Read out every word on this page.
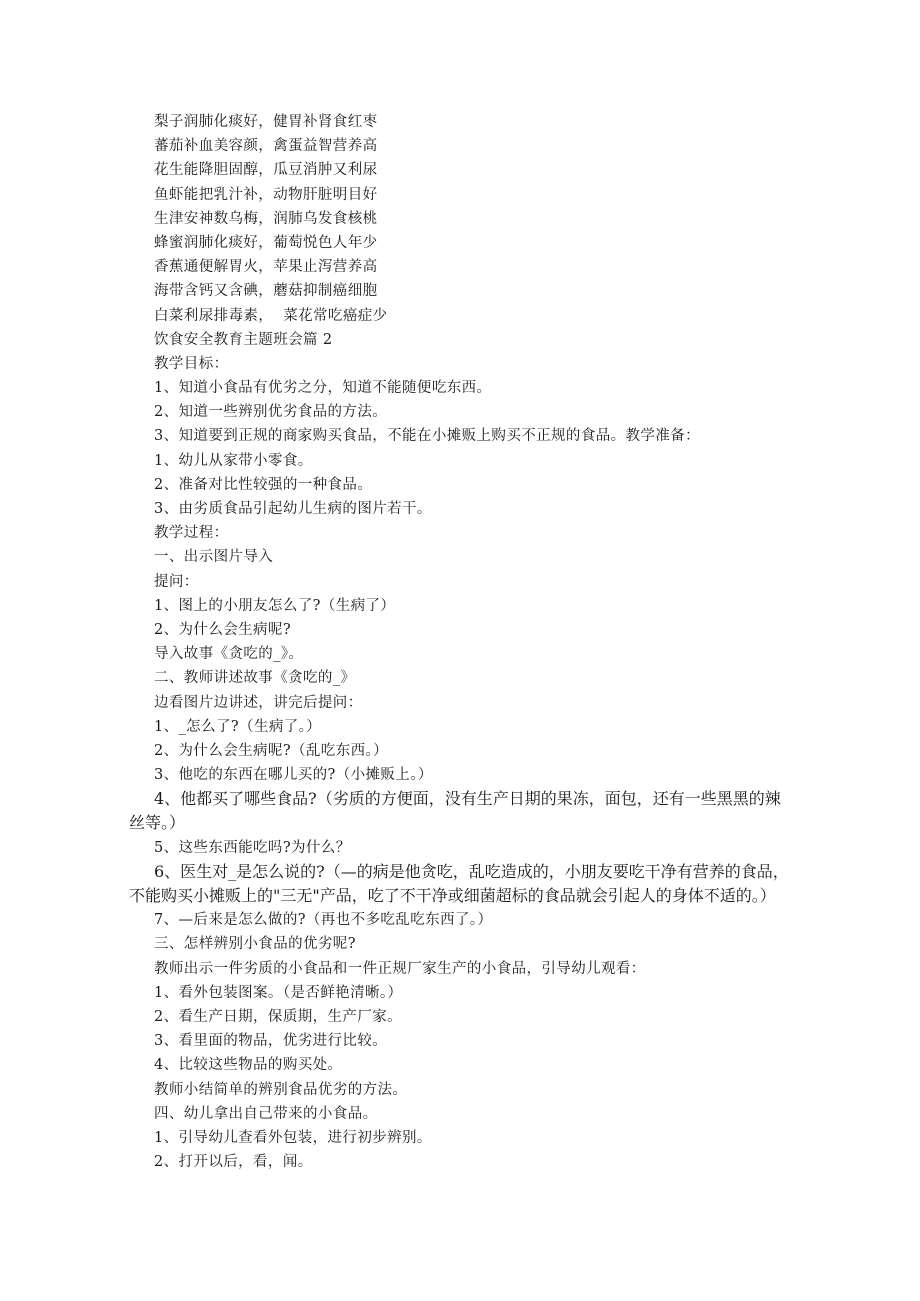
梨子润肺化痰好，健胃补肾食红枣
蕃茄补血美容颜，禽蛋益智营养高
花生能降胆固醇，瓜豆消肿又利尿
鱼虾能把乳汁补，动物肝脏明目好
生津安神数乌梅，润肺乌发食核桃
蜂蜜润肺化痰好，葡萄悦色人年少
香蕉通便解胃火，苹果止泻营养高
海带含钙又含碘，蘑菇抑制癌细胞
白菜利尿排毒素，  菜花常吃癌症少
饮食安全教育主题班会篇 2
教学目标：
1、知道小食品有优劣之分，知道不能随便吃东西。
2、知道一些辨别优劣食品的方法。
3、知道要到正规的商家购买食品，不能在小摊贩上购买不正规的食品。教学准备：
1、幼儿从家带小零食。
2、准备对比性较强的一种食品。
3、由劣质食品引起幼儿生病的图片若干。
教学过程：
一、出示图片导入
提问：
1、图上的小朋友怎么了?（生病了）
2、为什么会生病呢?
导入故事《贪吃的_》。
二、教师讲述故事《贪吃的_》
边看图片边讲述，讲完后提问：
1、_怎么了?（生病了。）
2、为什么会生病呢?（乱吃东西。）
3、他吃的东西在哪儿买的?（小摊贩上。）
4、他都买了哪些食品?（劣质的方便面，没有生产日期的果冻，面包，还有一些黑黑的辣丝等。）
5、这些东西能吃吗?为什么？
6、医生对_是怎么说的?（—的病是他贪吃，乱吃造成的，小朋友要吃干净有营养的食品，不能购买小摊贩上的"三无"产品，吃了不干净或细菌超标的食品就会引起人的身体不适的。）
7、—后来是怎么做的?（再也不多吃乱吃东西了。）
三、怎样辨别小食品的优劣呢?
教师出示一件劣质的小食品和一件正规厂家生产的小食品，引导幼儿观看：
1、看外包装图案。（是否鲜艳清晰。）
2、看生产日期，保质期，生产厂家。
3、看里面的物品，优劣进行比较。
4、比较这些物品的购买处。
教师小结简单的辨别食品优劣的方法。
四、幼儿拿出自己带来的小食品。
1、引导幼儿查看外包装，进行初步辨别。
2、打开以后，看，闻。
